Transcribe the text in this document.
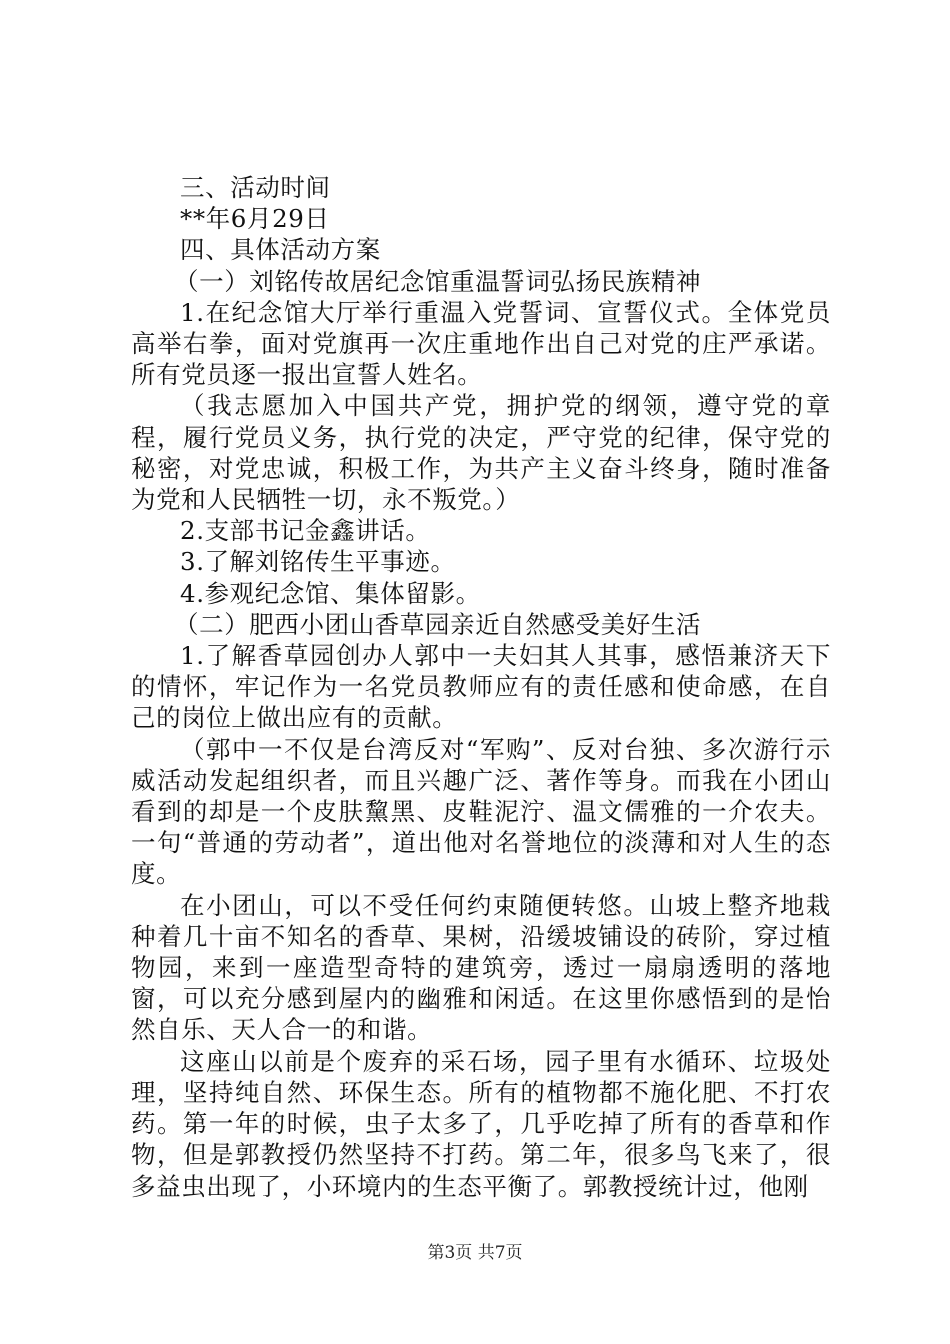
三、活动时间
**年6月29日
四、具体活动方案
（一）刘铭传故居纪念馆重温誓词弘扬民族精神

1.在纪念馆大厅举行重温入党誓词、宣誓仪式。全体党员高举右拳，面对党旗再一次庄重地作出自己对党的庄严承诺。所有党员逐一报出宣誓人姓名。

（我志愿加入中国共产党，拥护党的纲领，遵守党的章程，履行党员义务，执行党的决定，严守党的纪律，保守党的秘密，对党忠诚，积极工作，为共产主义奋斗终身，随时准备为党和人民牺牲一切，永不叛党。）

2.支部书记金鑫讲话。
3.了解刘铭传生平事迹。
4.参观纪念馆、集体留影。
（二）肥西小团山香草园亲近自然感受美好生活

1.了解香草园创办人郭中一夫妇其人其事，感悟兼济天下的情怀，牢记作为一名党员教师应有的责任感和使命感，在自己的岗位上做出应有的贡献。

（郭中一不仅是台湾反对“军购”、反对台独、多次游行示威活动发起组织者，而且兴趣广泛、著作等身。而我在小团山看到的却是一个皮肤黧黑、皮鞋泥泞、温文儒雅的一介农夫。一句“普通的劳动者”，道出他对名誉地位的淡薄和对人生的态度。

在小团山，可以不受任何约束随便转悠。山坡上整齐地栽种着几十亩不知名的香草、果树，沿缓坡铺设的砖阶，穿过植物园，来到一座造型奇特的建筑旁，透过一扇扇透明的落地窗，可以充分感到屋内的幽雅和闲适。在这里你感悟到的是怡然自乐、天人合一的和谐。

这座山以前是个废弃的采石场，园子里有水循环、垃圾处理，坚持纯自然、环保生态。所有的植物都不施化肥、不打农药。第一年的时候，虫子太多了，几乎吃掉了所有的香草和作物，但是郭教授仍然坚持不打药。第二年，很多鸟飞来了，很多益虫出现了，小环境内的生态平衡了。郭教授统计过，他刚

第3页 共7页
